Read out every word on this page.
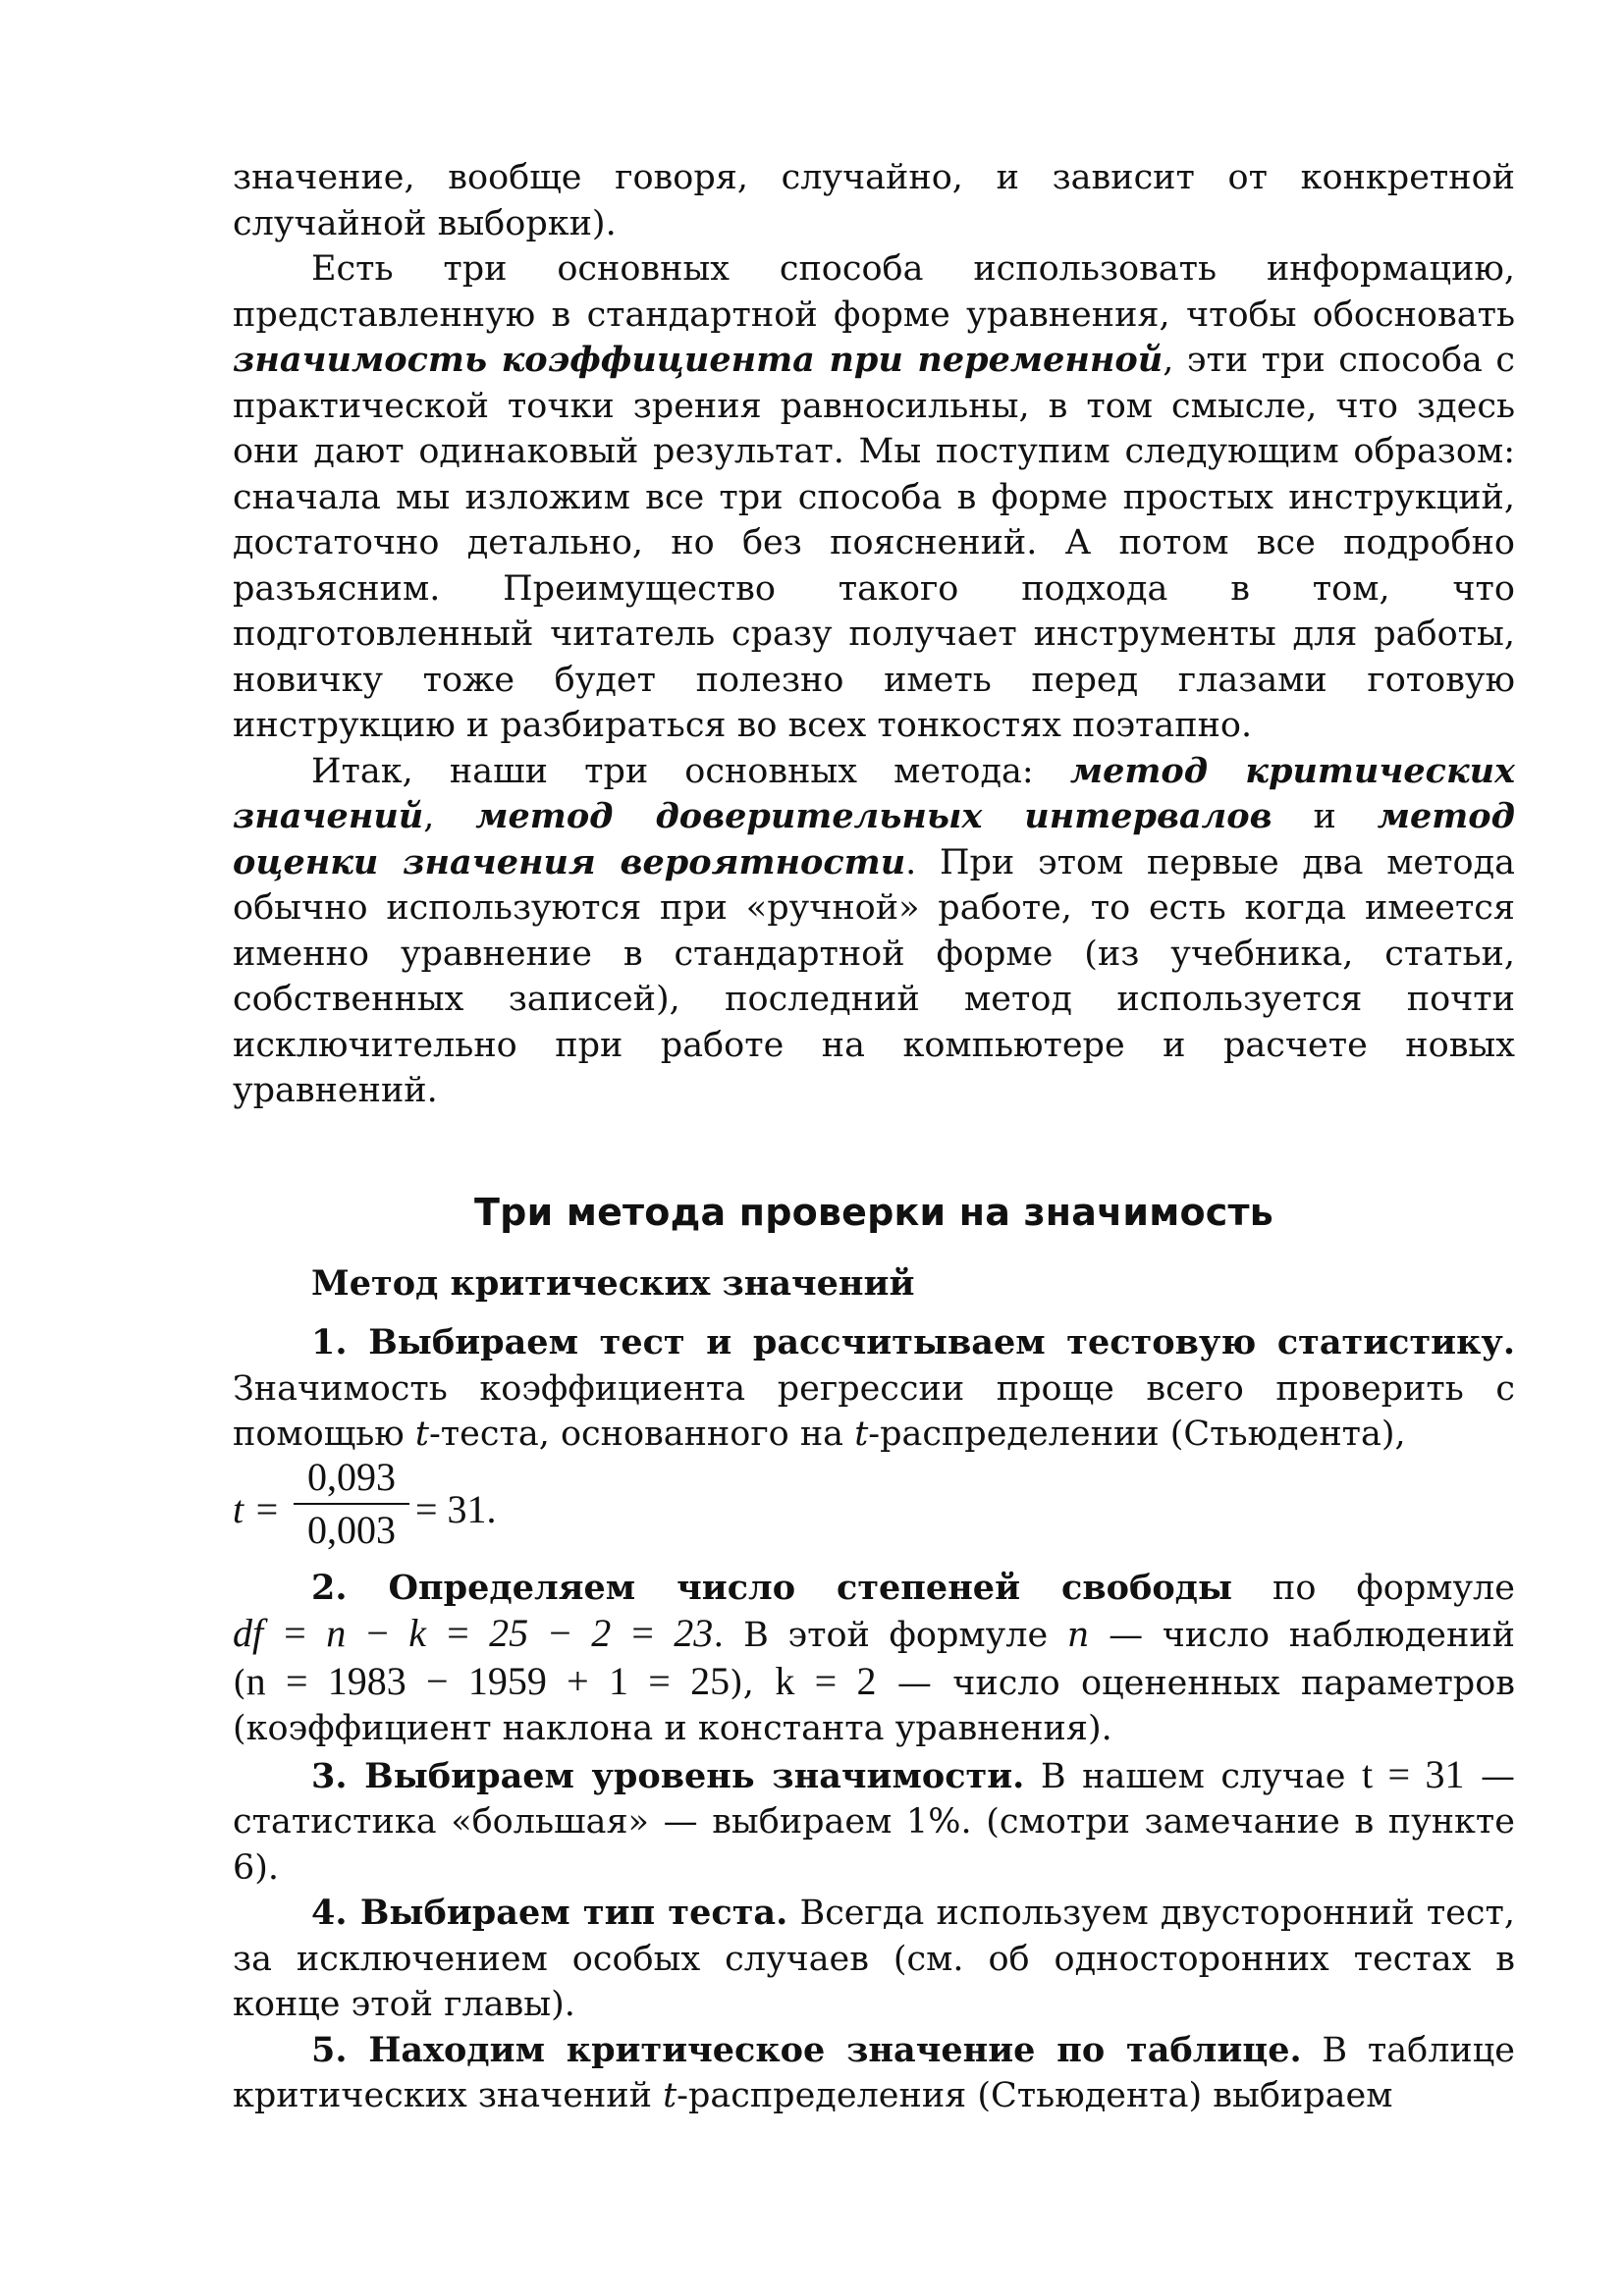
значение, вообще говоря, случайно, и зависит от конкретной случайной выборки).

Есть три основных способа использовать информацию, представленную в стандартной форме уравнения, чтобы обосновать значимость коэффициента при переменной, эти три способа с практической точки зрения равносильны, в том смысле, что здесь они дают одинаковый результат. Мы поступим следующим образом: сначала мы изложим все три способа в форме простых инструкций, достаточно детально, но без пояснений. А потом все подробно разъясним. Преимущество такого подхода в том, что подготовленный читатель сразу получает инструменты для работы, новичку тоже будет полезно иметь перед глазами готовую инструкцию и разбираться во всех тонкостях поэтапно.

Итак, наши три основных метода: метод критических значений, метод доверительных интервалов и метод оценки значения вероятности. При этом первые два метода обычно используются при «ручной» работе, то есть когда имеется именно уравнение в стандартной форме (из учебника, статьи, собственных записей), последний метод используется почти исключительно при работе на компьютере и расчете новых уравнений.

Три метода проверки на значимость

Метод критических значений

1. Выбираем тест и рассчитываем тестовую статистику. Значимость коэффициента регрессии проще всего проверить с помощью t-теста, основанного на t-распределении (Стьюдента),

t =
0,093
0,003 = 31.

2. Определяем число степеней свободы по формуле df = n − k = 25 − 2 = 23. В этой формуле n — число наблюдений (n = 1983 − 1959 + 1 = 25), k = 2 — число оцененных параметров (коэффициент наклона и константа уравнения).

3. Выбираем уровень значимости. В нашем случае t = 31 — статистика «большая» — выбираем 1%. (смотри замечание в пункте 6).

4. Выбираем тип теста. Всегда используем двусторонний тест, за исключением особых случаев (см. об односторонних тестах в конце этой главы).

5. Находим критическое значение по таблице. В таблице критических значений t-распределения (Стьюдента) выбираем
